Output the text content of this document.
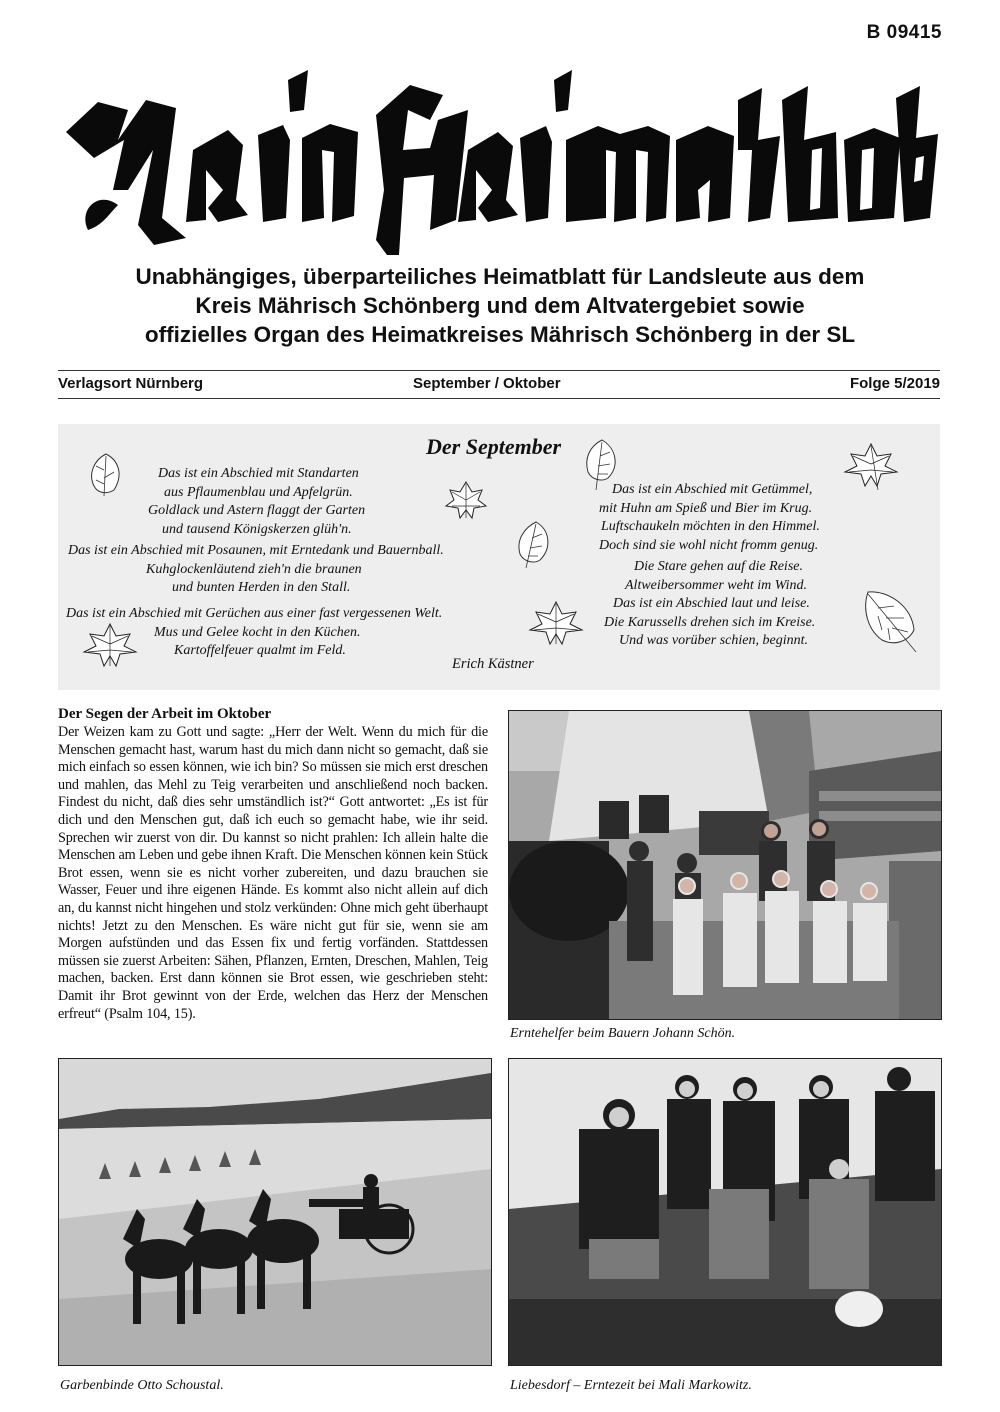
B 09415
Unabhängiges, überparteiliches Heimatblatt für Landsleute aus dem
Kreis Mährisch Schönberg und dem Altvatergebiet sowie
offizielles Organ des Heimatkreises Mährisch Schönberg in der SL
Verlagsort Nürnberg	September / Oktober	Folge 5/2019
Der September
Das ist ein Abschied mit Standarten
aus Pflaumenblau und Apfelgrün.
Goldlack und Astern flaggt der Garten
und tausend Königskerzen glüh'n.
Das ist ein Abschied mit Posaunen, mit Erntedank und Bauernball.
Kuhglockenläutend zieh'n die braunen
und bunten Herden in den Stall.
Das ist ein Abschied mit Gerüchen aus einer fast vergessenen Welt.
Mus und Gelee kocht in den Küchen.
Kartoffelfeuer qualmt im Feld.
Das ist ein Abschied mit Getümmel,
mit Huhn am Spieß und Bier im Krug.
Luftschaukeln möchten in den Himmel.
Doch sind sie wohl nicht fromm genug.
Die Stare gehen auf die Reise.
Altweibersommer weht im Wind.
Das ist ein Abschied laut und leise.
Die Karussells drehen sich im Kreise.
Und was vorüber schien, beginnt.
Erich Kästner
Der Segen der Arbeit im Oktober
Der Weizen kam zu Gott und sagte: „Herr der Welt. Wenn du mich für die Menschen gemacht hast, warum hast du mich dann nicht so gemacht, daß sie mich einfach so essen können, wie ich bin? So müssen sie mich erst dreschen und mahlen, das Mehl zu Teig verarbeiten und anschließend noch backen. Findest du nicht, daß dies sehr umständlich ist?“ Gott antwortet: „Es ist für dich und den Menschen gut, daß ich euch so gemacht habe, wie ihr seid. Sprechen wir zuerst von dir. Du kannst so nicht prahlen: Ich allein halte die Menschen am Leben und gebe ihnen Kraft. Die Menschen können kein Stück Brot essen, wenn sie es nicht vorher zubereiten, und dazu brauchen sie Wasser, Feuer und ihre eigenen Hände. Es kommt also nicht allein auf dich an, du kannst nicht hingehen und stolz verkünden: Ohne mich geht überhaupt nichts! Jetzt zu den Menschen. Es wäre nicht gut für sie, wenn sie am Morgen aufstünden und das Essen fix und fertig vorfänden. Stattdessen müssen sie zuerst Arbeiten: Sähen, Pflanzen, Ernten, Dreschen, Mahlen, Teig machen, backen. Erst dann können sie Brot essen, wie geschrieben steht: Damit ihr Brot gewinnt von der Erde, welchen das Herz der Menschen erfreut“ (Psalm 104, 15).
Erntehelfer beim Bauern Johann Schön.
Garbenbinde Otto Schoustal.	Liebesdorf – Erntezeit bei Mali Markowitz.
